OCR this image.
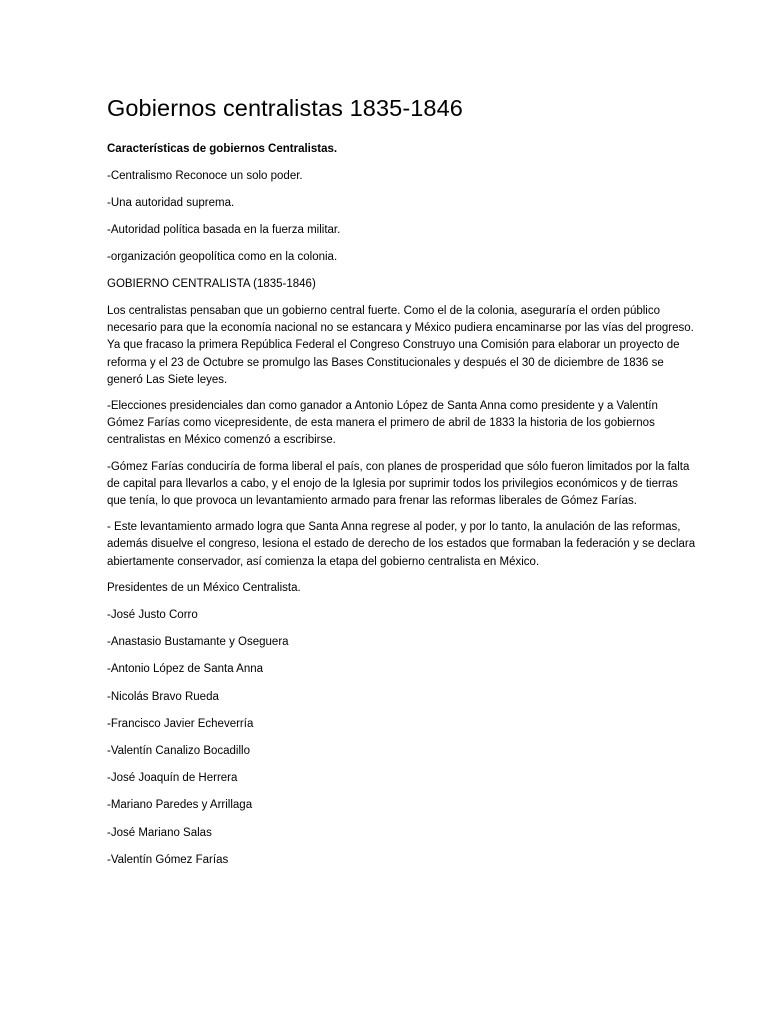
Gobiernos centralistas 1835-1846

Características de gobiernos Centralistas.

-Centralismo Reconoce un solo poder.

-Una autoridad suprema.

-Autoridad política basada en la fuerza militar.

-organización geopolítica como en la colonia.

GOBIERNO CENTRALISTA (1835-1846)

Los centralistas pensaban que un gobierno central fuerte. Como el de la colonia, aseguraría el orden público necesario para que la economía nacional no se estancara y México pudiera encaminarse por las vías del progreso. Ya que fracaso la primera República Federal el Congreso Construyo una Comisión para elaborar un proyecto de reforma y el 23 de Octubre se promulgo las Bases Constitucionales y después el 30 de diciembre de 1836 se generó Las Siete leyes.

-Elecciones presidenciales dan como ganador a Antonio López de Santa Anna como presidente y a Valentín Gómez Farías como vicepresidente, de esta manera el primero de abril de 1833 la historia de los gobiernos centralistas en México comenzó a escribirse.

-Gómez Farías conduciría de forma liberal el país, con planes de prosperidad que sólo fueron limitados por la falta de capital para llevarlos a cabo, y el enojo de la Iglesia por suprimir todos los privilegios económicos y de tierras que tenía, lo que provoca un levantamiento armado para frenar las reformas liberales de Gómez Farías.

- Este levantamiento armado logra que Santa Anna regrese al poder, y por lo tanto, la anulación de las reformas, además disuelve el congreso, lesiona el estado de derecho de los estados que formaban la federación y se declara abiertamente conservador, así comienza la etapa del gobierno centralista en México.

Presidentes de un México Centralista.

-José Justo Corro

-Anastasio Bustamante y Oseguera

-Antonio López de Santa Anna

-Nicolás Bravo Rueda

-Francisco Javier Echeverría

-Valentín Canalizo Bocadillo

-José Joaquín de Herrera

-Mariano Paredes y Arrillaga

-José Mariano Salas

-Valentín Gómez Farías
